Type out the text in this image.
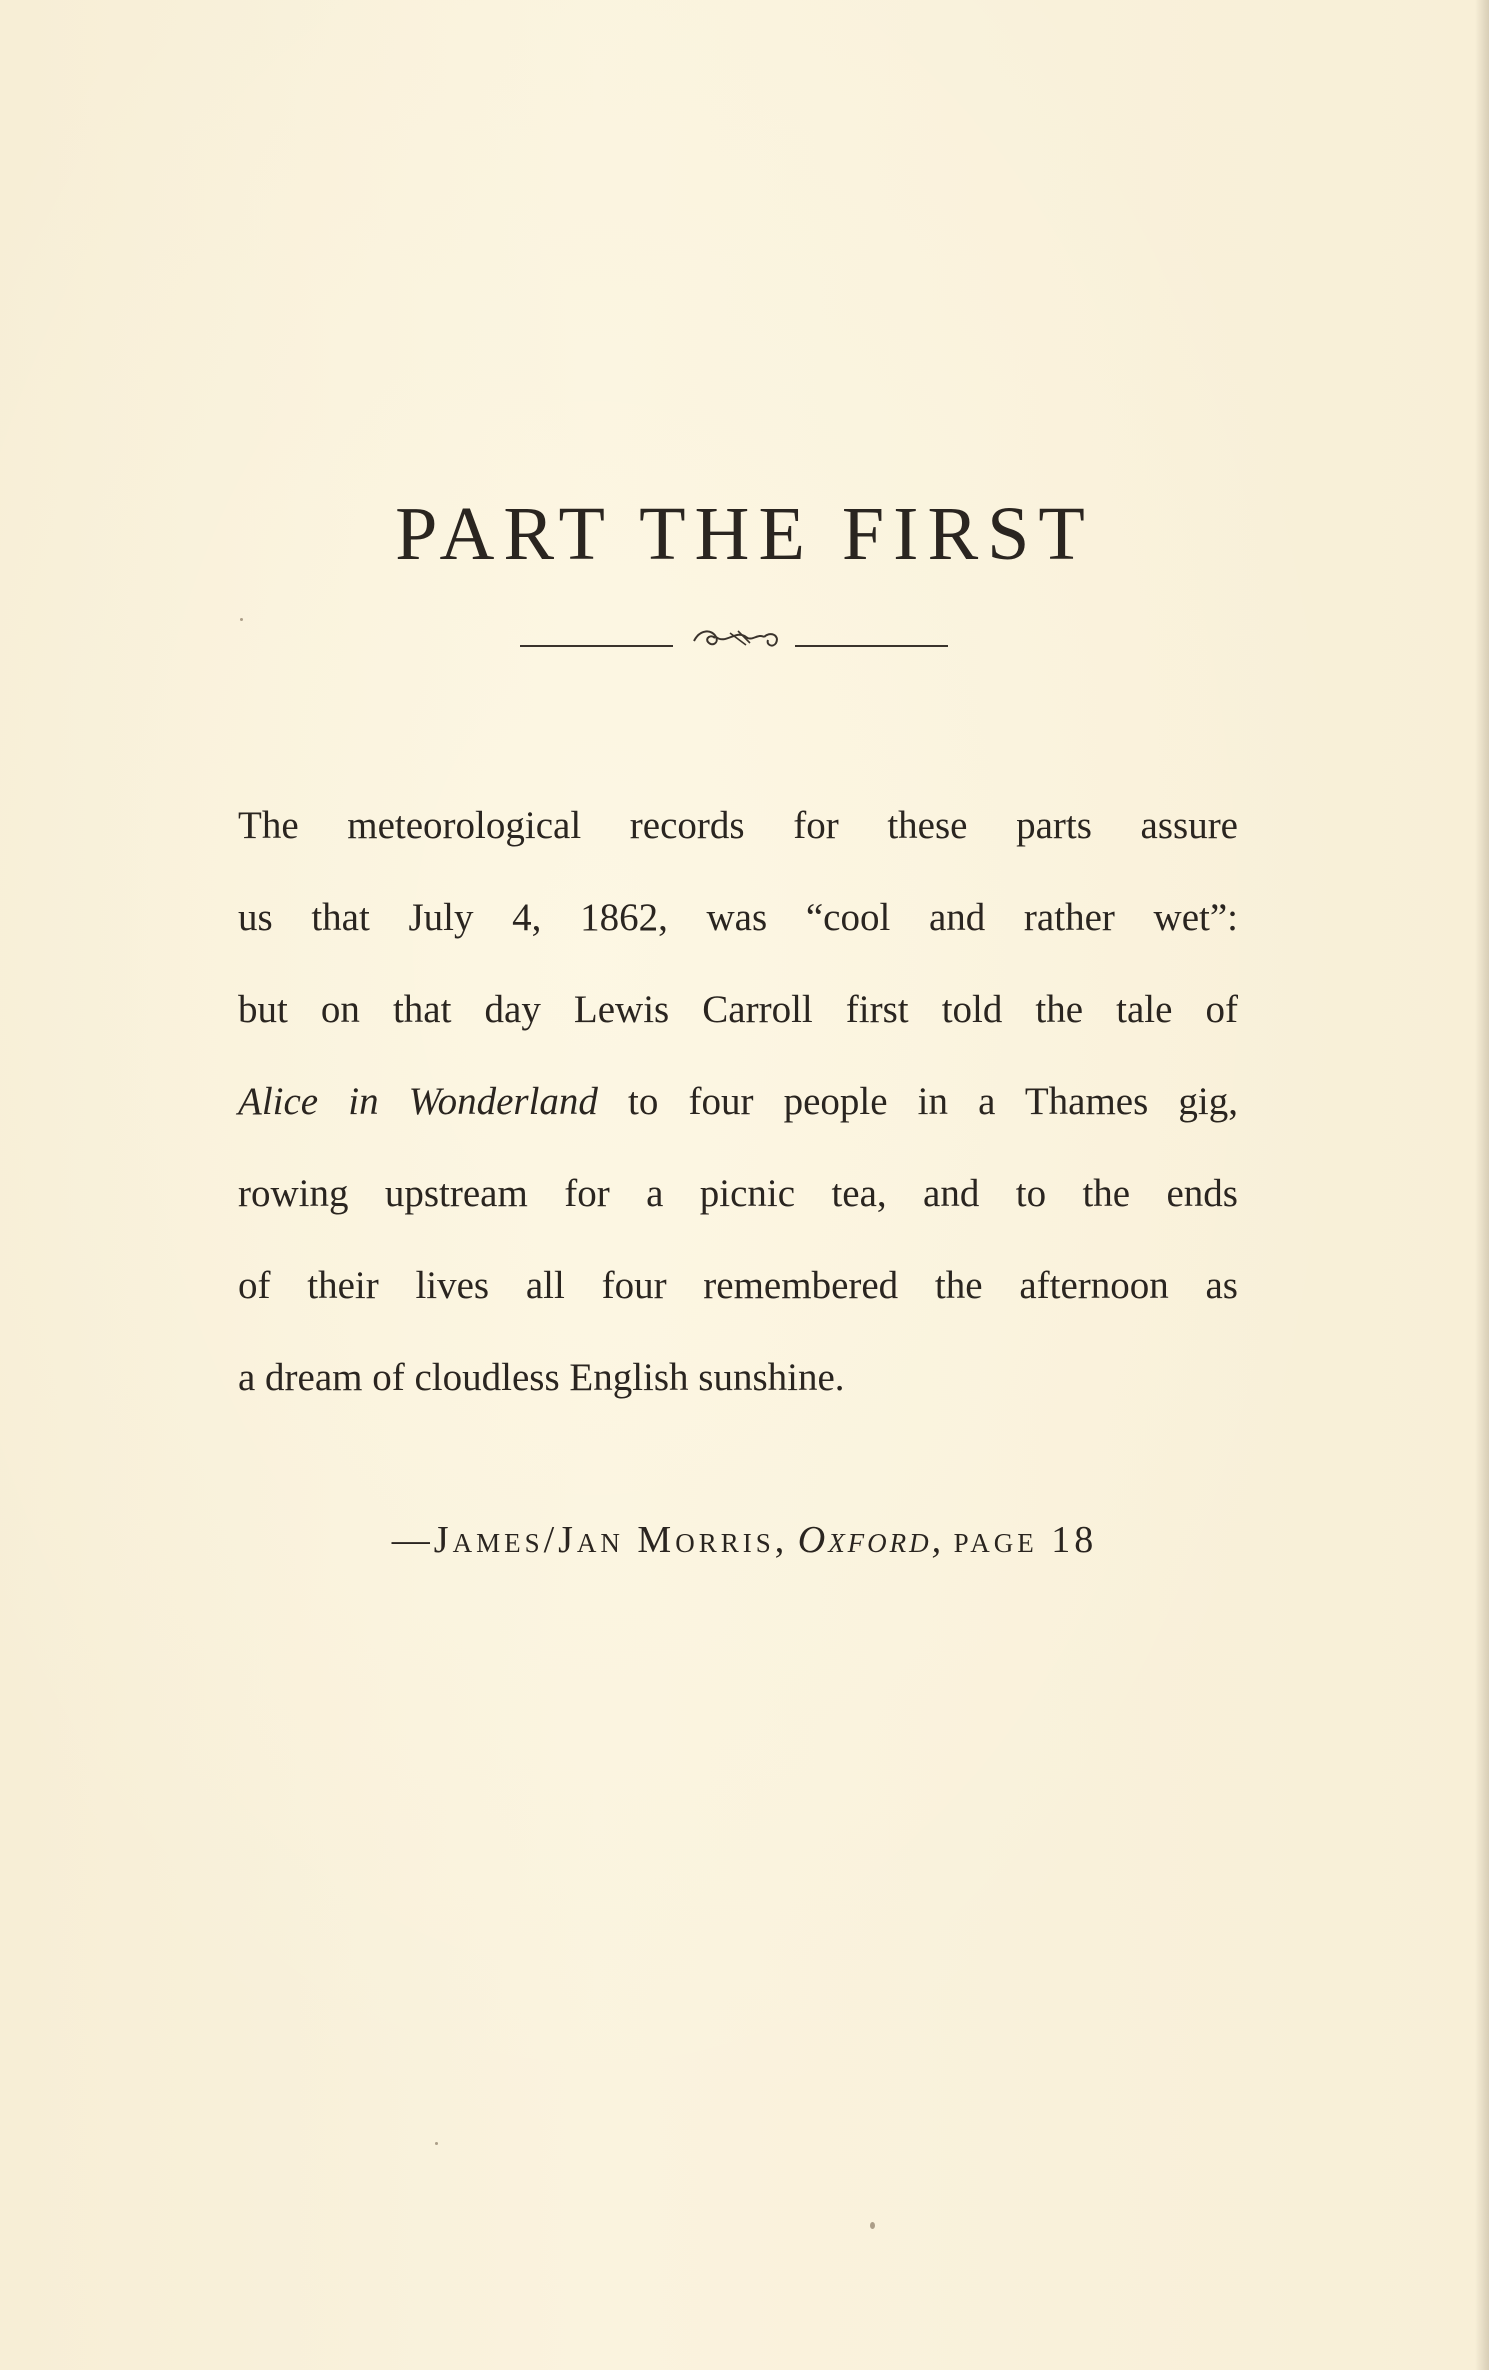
PART THE FIRST
The meteorological records for these parts assure
us that July 4, 1862, was “cool and rather wet”:
but on that day Lewis Carroll first told the tale of
Alice in Wonderland to four people in a Thames gig,
rowing upstream for a picnic tea, and to the ends
of their lives all four remembered the afternoon as
a dream of cloudless English sunshine.
—James/Jan Morris, Oxford, page 18
